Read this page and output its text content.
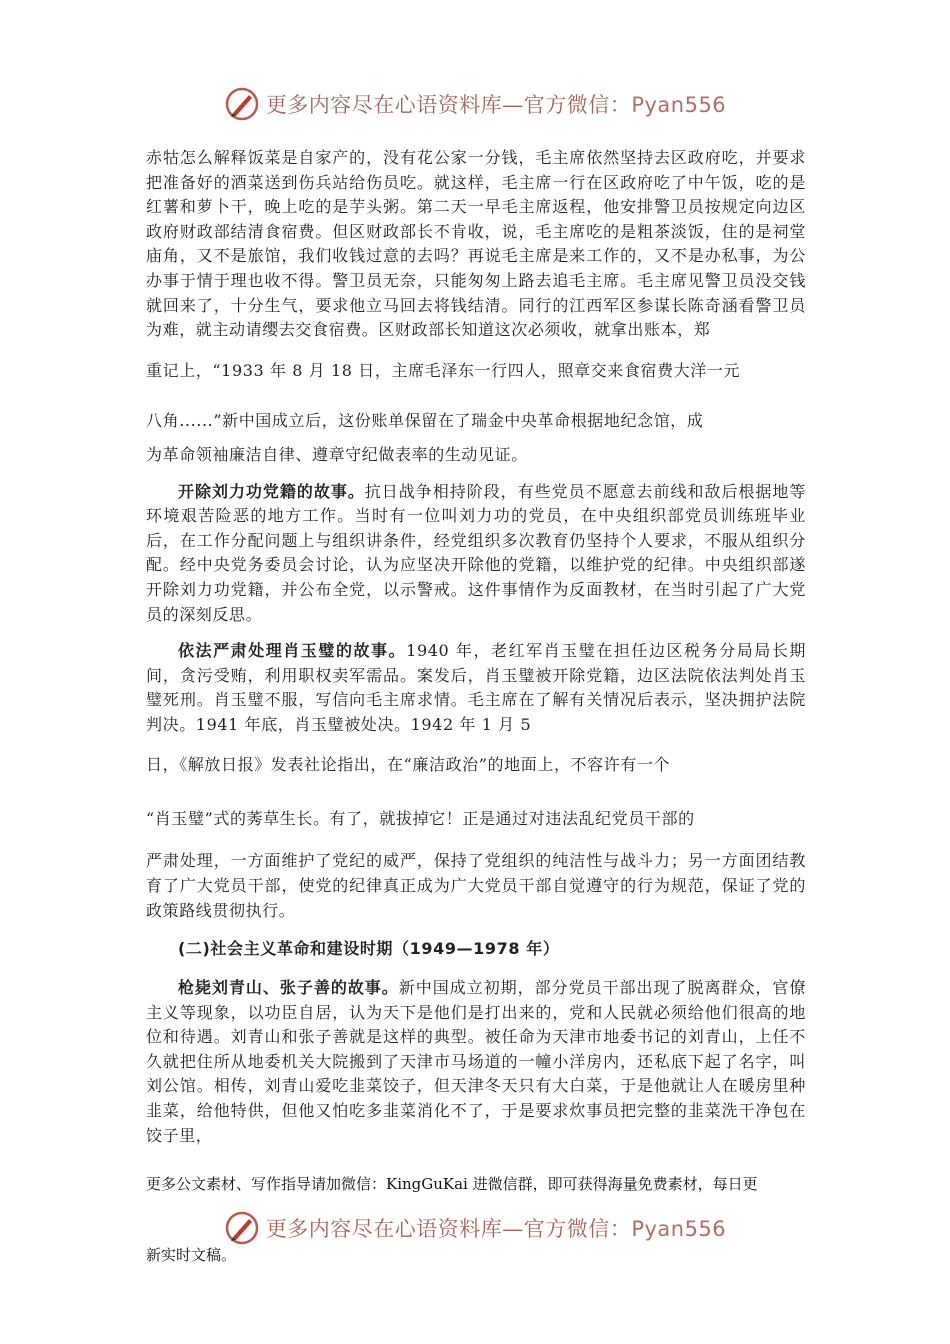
更多内容尽在心语资料库—官方微信：Pyan556

赤牯怎么解释饭菜是自家产的，没有花公家一分钱，毛主席依然坚持去区政府吃，并要求把准备好的酒菜送到伤兵站给伤员吃。就这样，毛主席一行在区政府吃了中午饭，吃的是红薯和萝卜干，晚上吃的是芋头粥。第二天一早毛主席返程，他安排警卫员按规定向边区政府财政部结清食宿费。但区财政部长不肯收，说，毛主席吃的是粗茶淡饭，住的是祠堂庙角，又不是旅馆，我们收钱过意的去吗？再说毛主席是来工作的，又不是办私事，为公办事于情于理也收不得。警卫员无奈，只能匆匆上路去追毛主席。毛主席见警卫员没交钱就回来了，十分生气，要求他立马回去将钱结清。同行的江西军区参谋长陈奇涵看警卫员为难，就主动请缨去交食宿费。区财政部长知道这次必须收，就拿出账本，郑

重记上，“1933 年 8 月 18 日，主席毛泽东一行四人，照章交来食宿费大洋一元

八角......”新中国成立后，这份账单保留在了瑞金中央革命根据地纪念馆，成

为革命领袖廉洁自律、遵章守纪做表率的生动见证。

开除刘力功党籍的故事。抗日战争相持阶段，有些党员不愿意去前线和敌后根据地等环境艰苦险恶的地方工作。当时有一位叫刘力功的党员，在中央组织部党员训练班毕业后，在工作分配问题上与组织讲条件，经党组织多次教育仍坚持个人要求，不服从组织分配。经中央党务委员会讨论，认为应坚决开除他的党籍，以维护党的纪律。中央组织部遂开除刘力功党籍，并公布全党，以示警戒。这件事情作为反面教材，在当时引起了广大党员的深刻反思。

依法严肃处理肖玉璧的故事。1940 年，老红军肖玉璧在担任边区税务分局局长期间，贪污受贿，利用职权卖军需品。案发后，肖玉璧被开除党籍，边区法院依法判处肖玉璧死刑。肖玉璧不服，写信向毛主席求情。毛主席在了解有关情况后表示，坚决拥护法院判决。1941 年底，肖玉璧被处决。1942 年 1 月 5

日，《解放日报》发表社论指出，在“廉洁政治”的地面上，不容许有一个

“肖玉璧”式的莠草生长。有了，就拔掉它！正是通过对违法乱纪党员干部的

严肃处理，一方面维护了党纪的威严，保持了党组织的纯洁性与战斗力；另一方面团结教育了广大党员干部，使党的纪律真正成为广大党员干部自觉遵守的行为规范，保证了党的政策路线贯彻执行。

(二)社会主义革命和建设时期（1949—1978 年）

枪毙刘青山、张子善的故事。新中国成立初期，部分党员干部出现了脱离群众，官僚主义等现象，以功臣自居，认为天下是他们是打出来的，党和人民就必须给他们很高的地位和待遇。刘青山和张子善就是这样的典型。被任命为天津市地委书记的刘青山，上任不久就把住所从地委机关大院搬到了天津市马场道的一幢小洋房内，还私底下起了名字，叫刘公馆。相传，刘青山爱吃韭菜饺子，但天津冬天只有大白菜，于是他就让人在暖房里种韭菜，给他特供，但他又怕吃多韭菜消化不了，于是要求炊事员把完整的韭菜洗干净包在饺子里，

更多公文素材、写作指导请加微信：KingGuKai 进微信群，即可获得海量免费素材，每日更
更多内容尽在心语资料库—官方微信：Pyan556
新实时文稿。
